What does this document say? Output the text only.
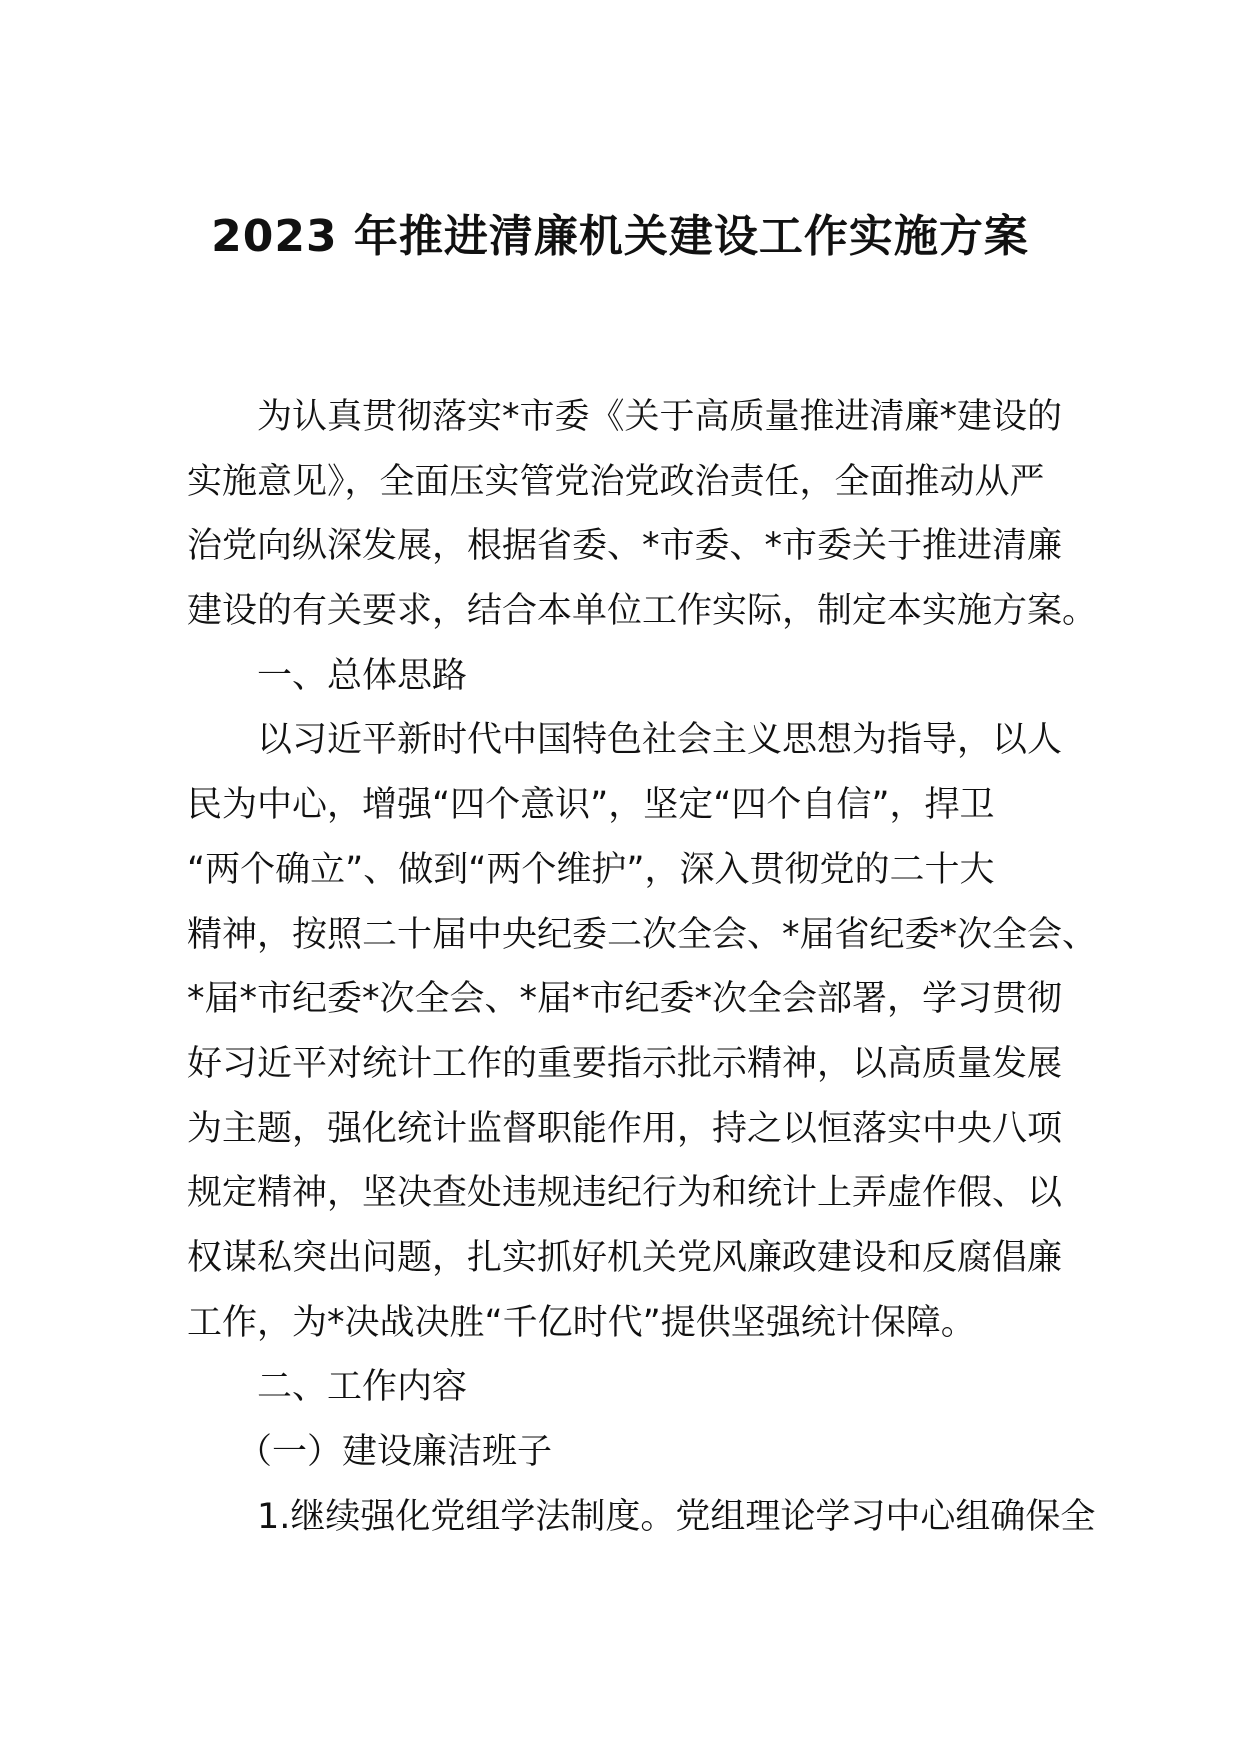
2023 年推进清廉机关建设工作实施方案
为认真贯彻落实*市委《关于高质量推进清廉*建设的
实施意见》，全面压实管党治党政治责任，全面推动从严
治党向纵深发展，根据省委、*市委、*市委关于推进清廉
建设的有关要求，结合本单位工作实际，制定本实施方案。
一、总体思路
以习近平新时代中国特色社会主义思想为指导，以人
民为中心，增强“四个意识”，坚定“四个自信”，捍卫
“两个确立”、做到“两个维护”，深入贯彻党的二十大
精神，按照二十届中央纪委二次全会、*届省纪委*次全会、
*届*市纪委*次全会、*届*市纪委*次全会部署，学习贯彻
好习近平对统计工作的重要指示批示精神，以高质量发展
为主题，强化统计监督职能作用，持之以恒落实中央八项
规定精神，坚决查处违规违纪行为和统计上弄虚作假、以
权谋私突出问题，扎实抓好机关党风廉政建设和反腐倡廉
工作，为*决战决胜“千亿时代”提供坚强统计保障。
二、工作内容
（一）建设廉洁班子
1.继续强化党组学法制度。党组理论学习中心组确保全
